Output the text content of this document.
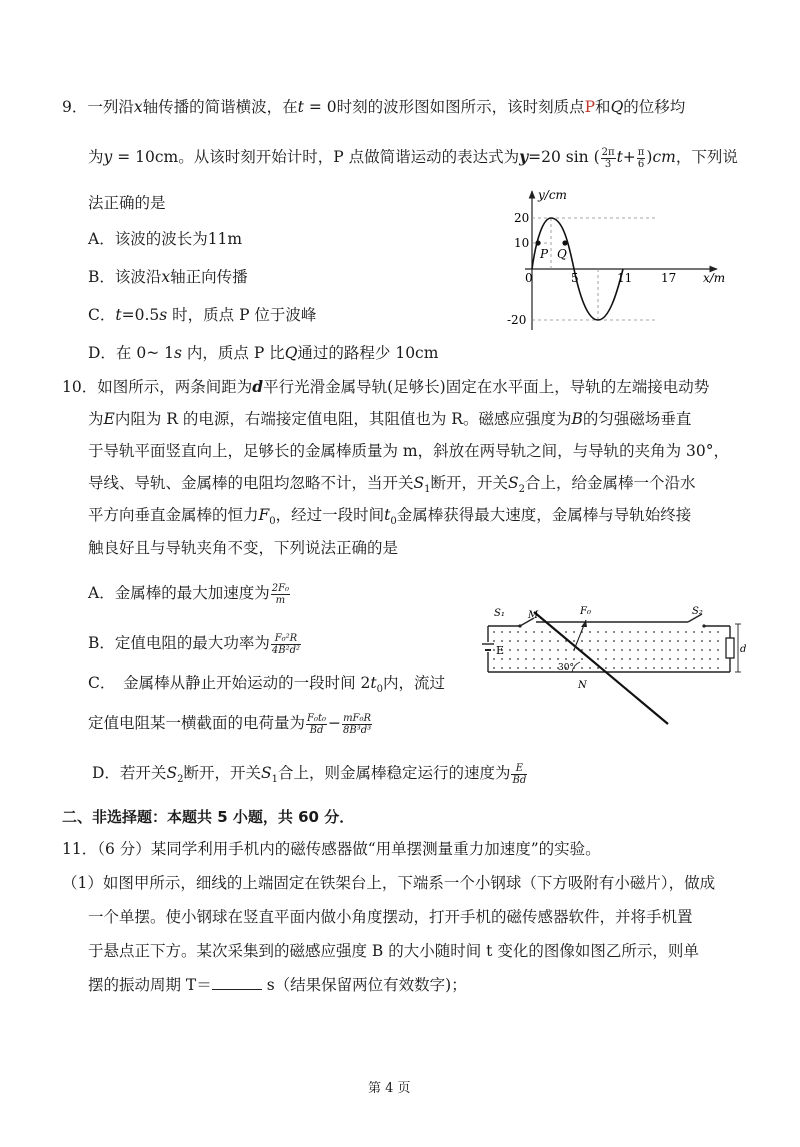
9．一列沿x轴传播的简谐横波，在t = 0时刻的波形图如图所示，该时刻质点P和Q的位移均
为y = 10cm。从该时刻开始计时，P 点做简谐运动的表达式为y=20 sin ( $\frac{2\pi}{3} t+ \frac{\pi}{6} )cm$，下列说
法正确的是
A．该波的波长为11m
B．该波沿x轴正向传播
C．t=0.5s 时，质点 P 位于波峰
D．在 0~ 1s 内，质点 P 比Q通过的路程少 10cm
y/cm
x/m
20
10
-20
0	5	11 17
P Q
10．如图所示，两条间距为d平行光滑金属导轨(足够长)固定在水平面上，导轨的左端接电动势
为E内阻为 R 的电源，右端接定值电阻，其阻值也为 R。磁感应强度为B的匀强磁场垂直
于导轨平面竖直向上，足够长的金属棒质量为 m，斜放在两导轨之间，与导轨的夹角为 30°，
导线、导轨、金属棒的电阻均忽略不计，当开关$S_1$断开，开关$S_2$合上，给金属棒一个沿水
平方向垂直金属棒的恒力$F_0$，经过一段时间$t_0$金属棒获得最大速度，金属棒与导轨始终接
触良好且与导轨夹角不变，下列说法正确的是
A．金属棒的最大加速度为 $\frac{\text{2F₀}}{m}$
B．定值电阻的最大功率为 $\frac{\text{F₀²R}}{\text{4B²d²}}$
C．　金属棒从静止开始运动的一段时间 $2t_0$内，流过
定值电阻某一横截面的电荷量为 $\frac{\text{F₀t₀}}{Bd} - \frac{\text{mF₀R}}{\text{8B³d³}}$
D．若开关$S_2$断开，开关$S_1$合上，则金属棒稳定运行的速度为 $\frac{E}{Bd}$
S₁	S₂
M
N
F₀
E	d
30°
二、非选择题：本题共 5 小题，共 60 分．
11．（6 分）某同学利用手机内的磁传感器做“用单摆测量重力加速度”的实验。
（1）如图甲所示，细线的上端固定在铁架台上，下端系一个小钢球（下方吸附有小磁片），做成
一个单摆。使小钢球在竖直平面内做小角度摆动，打开手机的磁传感器软件，并将手机置
于悬点正下方。某次采集到的磁感应强度 B 的大小随时间 t 变化的图像如图乙所示，则单
摆的振动周期 T＝	s（结果保留两位有效数字)；
第 4 页
